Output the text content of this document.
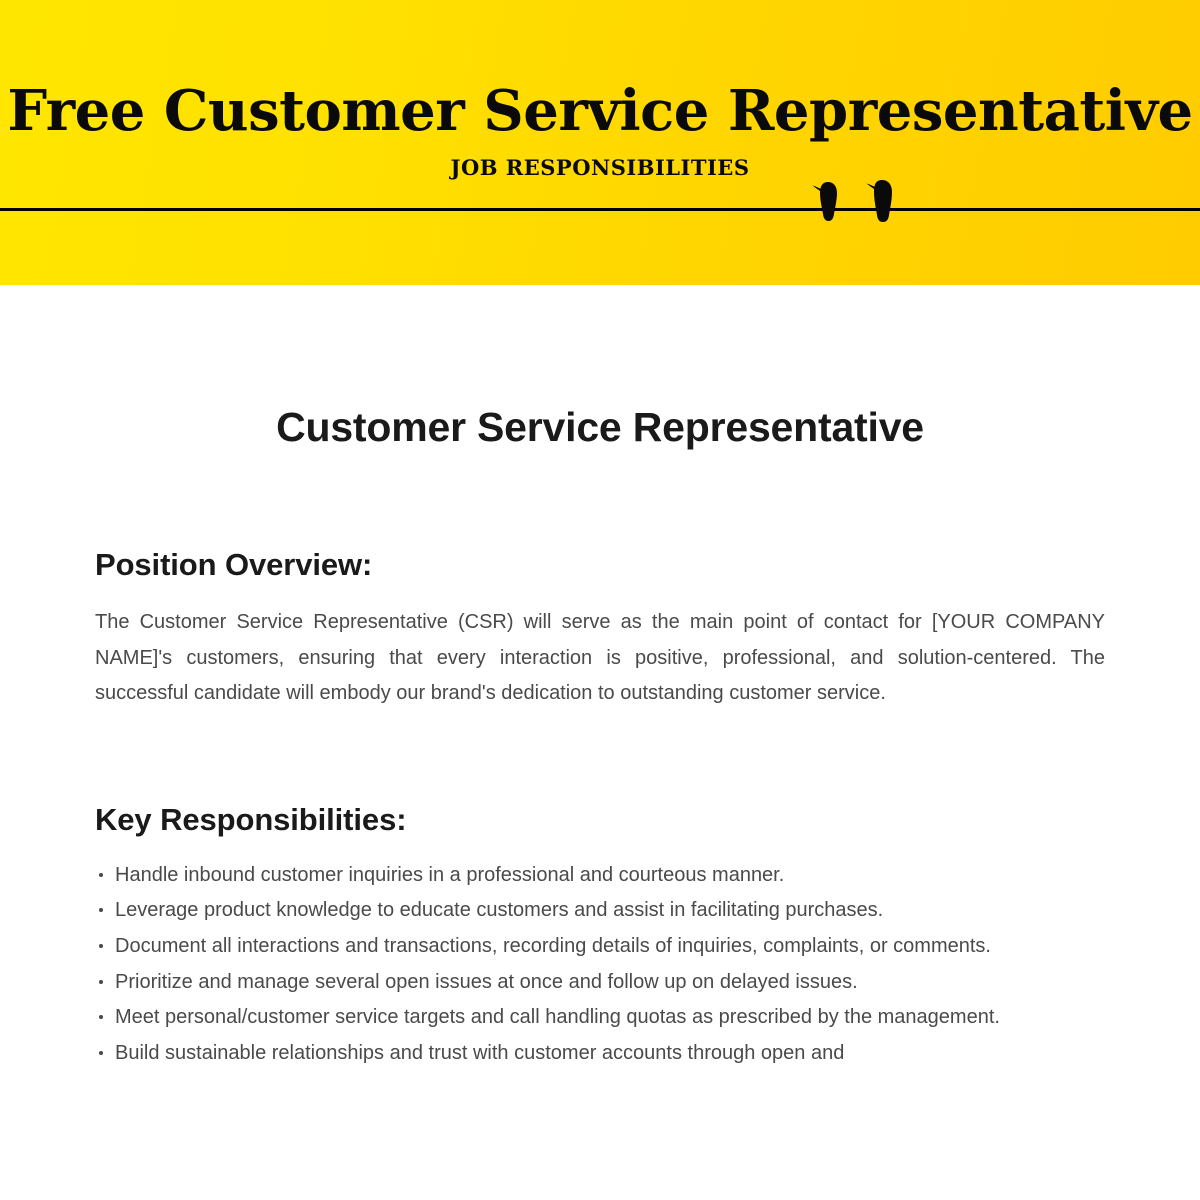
Free Customer Service Representative
JOB RESPONSIBILITIES
Customer Service Representative
Position Overview:

The Customer Service Representative (CSR) will serve as the main point of contact for [YOUR COMPANY NAME]'s customers, ensuring that every interaction is positive, professional, and solution-centered. The successful candidate will embody our brand's dedication to outstanding customer service.

Key Responsibilities:
Handle inbound customer inquiries in a professional and courteous manner.
Leverage product knowledge to educate customers and assist in facilitating purchases.
Document all interactions and transactions, recording details of inquiries, complaints, or comments.
Prioritize and manage several open issues at once and follow up on delayed issues.
Meet personal/customer service targets and call handling quotas as prescribed by the management.
Build sustainable relationships and trust with customer accounts through open and
